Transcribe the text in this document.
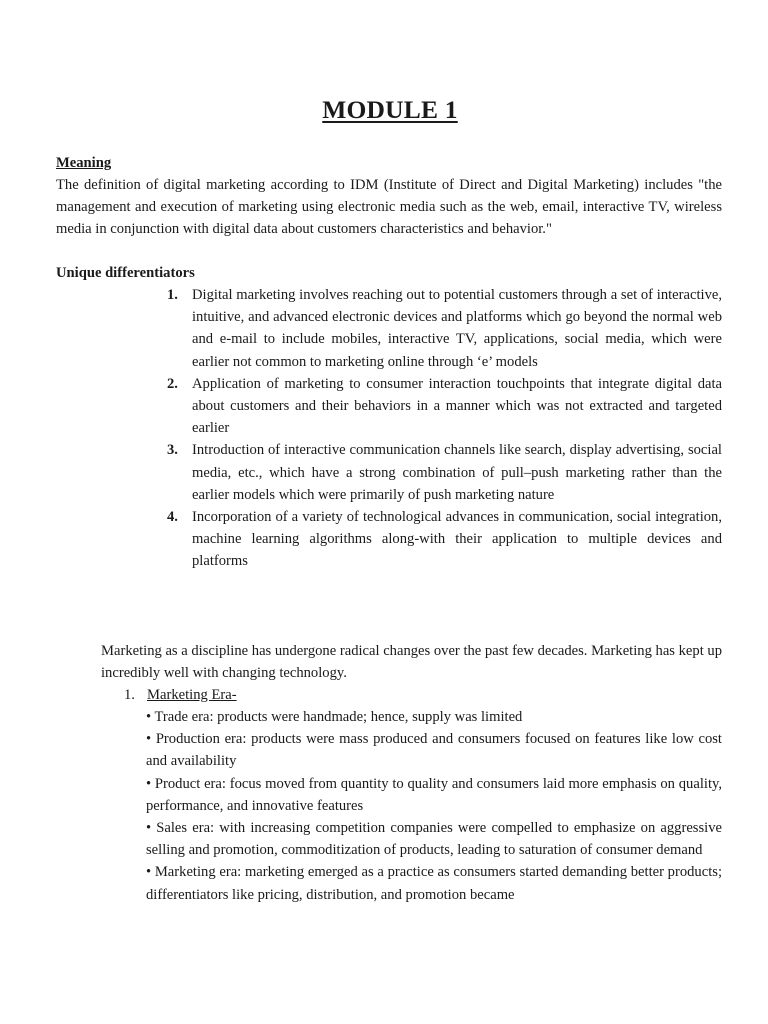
MODULE 1
Meaning

The definition of digital marketing according to IDM (Institute of Direct and Digital Marketing) includes "the management and execution of marketing using electronic media such as the web, email, interactive TV, wireless media in conjunction with digital data about customers characteristics and behavior."

Unique differentiators
1. Digital marketing involves reaching out to potential customers through a set of interactive, intuitive, and advanced electronic devices and platforms which go beyond the normal web and e-mail to include mobiles, interactive TV, applications, social media, which were earlier not common to marketing online through ‘e’ models
2. Application of marketing to consumer interaction touchpoints that integrate digital data about customers and their behaviors in a manner which was not extracted and targeted earlier
3. Introduction of interactive communication channels like search, display advertising, social media, etc., which have a strong combination of pull–push marketing rather than the earlier models which were primarily of push marketing nature
4. Incorporation of a variety of technological advances in communication, social integration, machine learning algorithms along-with their application to multiple devices and platforms

Marketing as a discipline has undergone radical changes over the past few decades. Marketing has kept up incredibly well with changing technology.

1. Marketing Era-
• Trade era: products were handmade; hence, supply was limited
• Production era: products were mass produced and consumers focused on features like low cost and availability
• Product era: focus moved from quantity to quality and consumers laid more emphasis on quality, performance, and innovative features
• Sales era: with increasing competition companies were compelled to emphasize on aggressive selling and promotion, commoditization of products, leading to saturation of consumer demand
• Marketing era: marketing emerged as a practice as consumers started demanding better products; differentiators like pricing, distribution, and promotion became
